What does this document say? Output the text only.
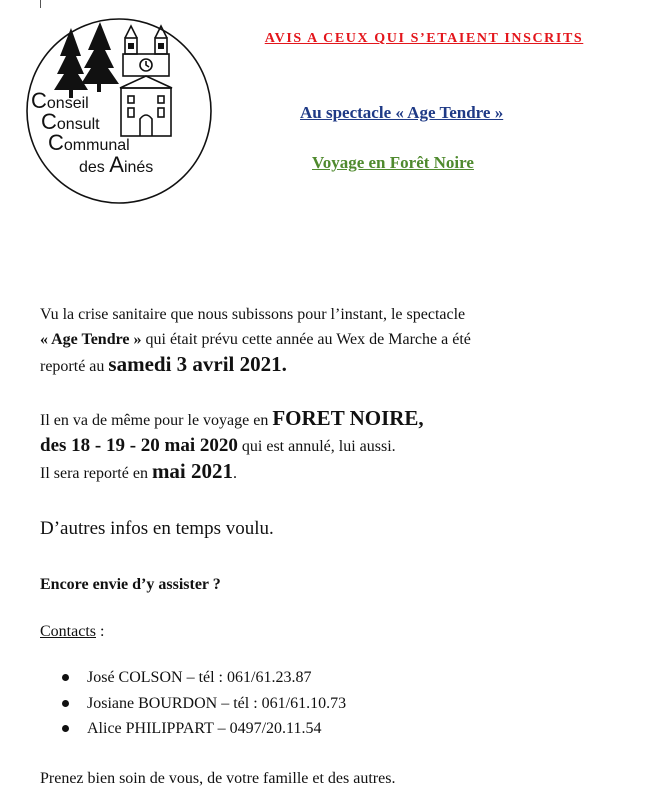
Conseil
Consult
Communal
des Ainés
AVIS A CEUX QUI S’ETAIENT INSCRITS
Au spectacle « Age Tendre »
Voyage en Forêt Noire
Vu la crise sanitaire que nous subissons pour l’instant, le spectacle
« Age Tendre » qui était prévu cette année au Wex de Marche a été
reporté au samedi 3 avril 2021.
Il en va de même pour le voyage en FORET NOIRE,
des 18 - 19 - 20 mai 2020 qui est annulé, lui aussi.
Il sera reporté en mai 2021.
D’autres infos en temps voulu.
Encore envie d’y assister ?
Contacts :
José COLSON – tél : 061/61.23.87
Josiane BOURDON – tél : 061/61.10.73
Alice PHILIPPART – 0497/20.11.54
Prenez bien soin de vous, de votre famille et des autres.
